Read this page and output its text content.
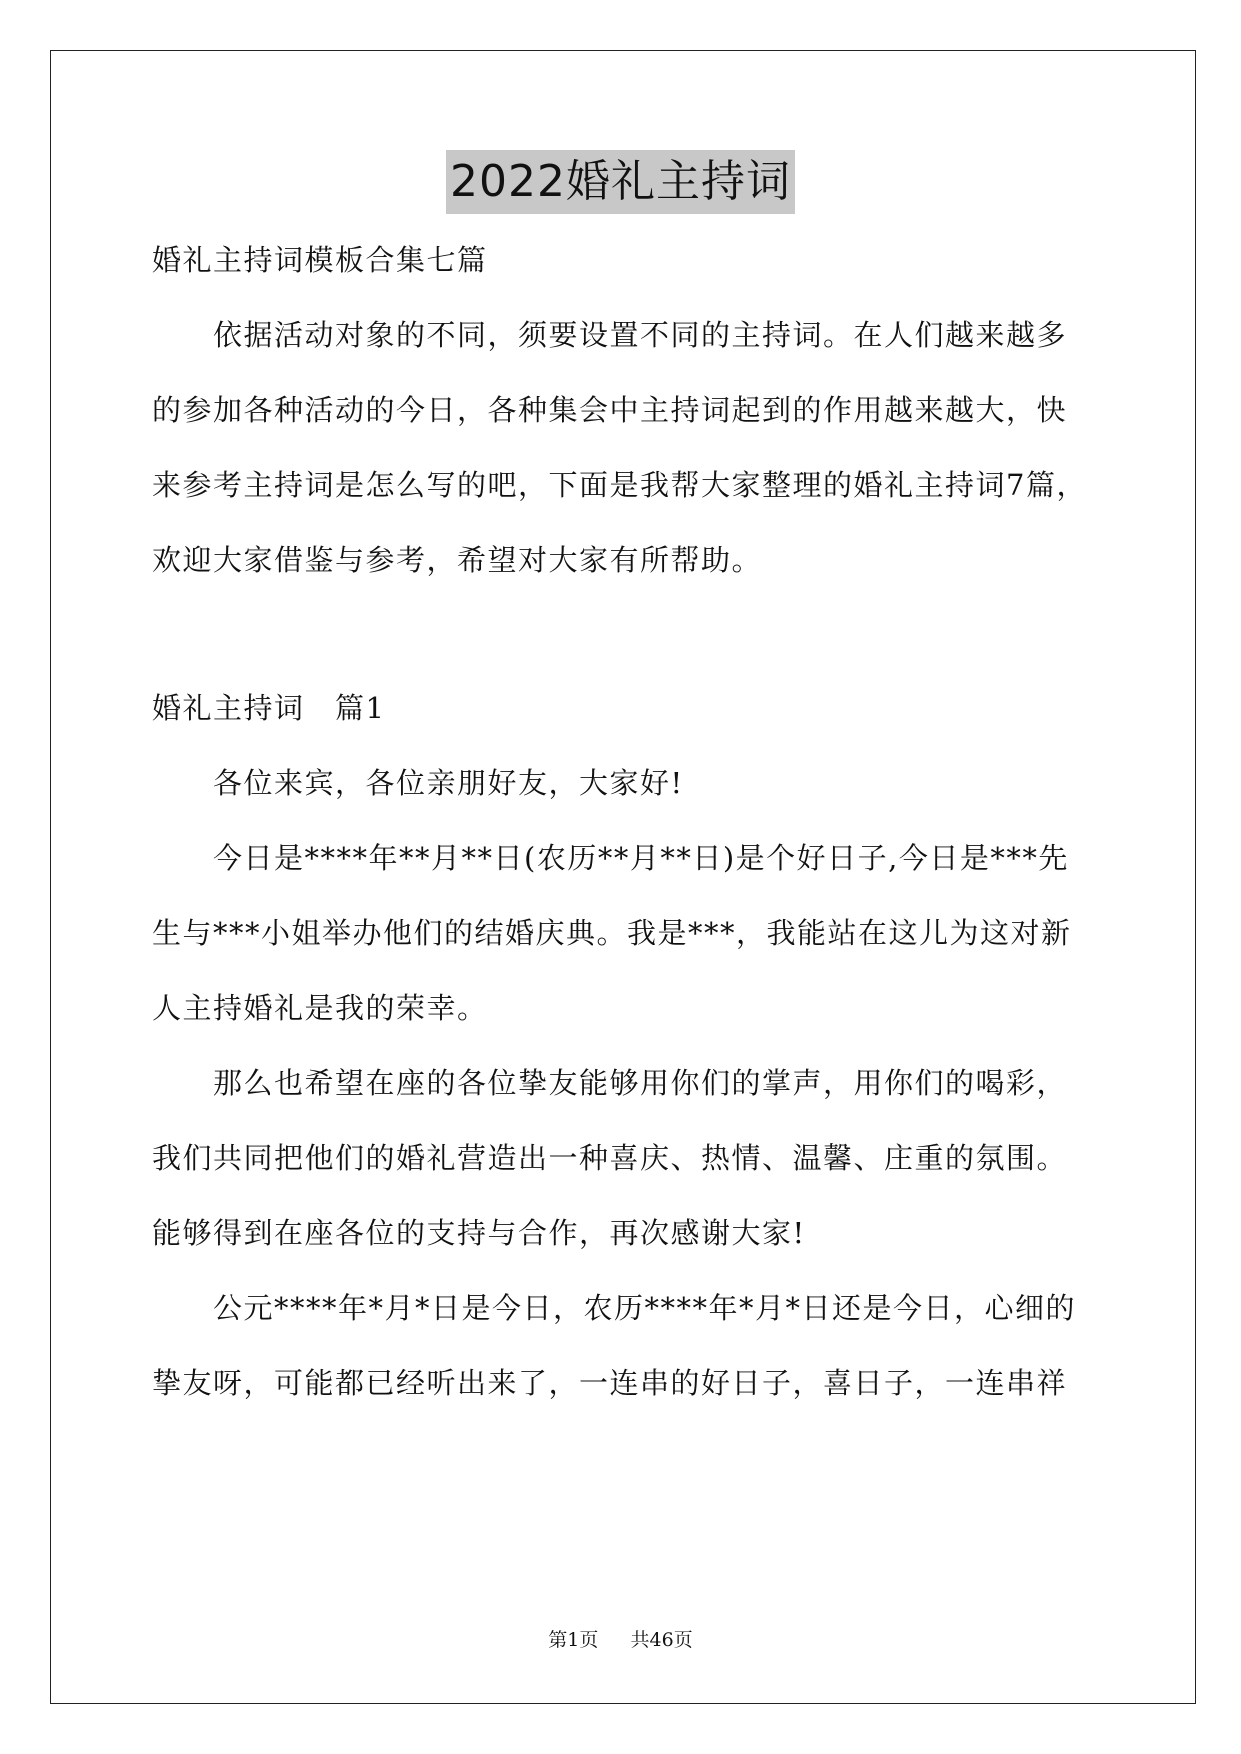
2022婚礼主持词
婚礼主持词模板合集七篇
　　依据活动对象的不同，须要设置不同的主持词。在人们越来越多
的参加各种活动的今日，各种集会中主持词起到的作用越来越大，快
来参考主持词是怎么写的吧，下面是我帮大家整理的婚礼主持词7篇，
欢迎大家借鉴与参考，希望对大家有所帮助。
婚礼主持词　篇1
　　各位来宾，各位亲朋好友，大家好!
　　今日是****年**月**日(农历**月**日)是个好日子,今日是***先
生与***小姐举办他们的结婚庆典。我是***，我能站在这儿为这对新
人主持婚礼是我的荣幸。
　　那么也希望在座的各位挚友能够用你们的掌声，用你们的喝彩，
我们共同把他们的婚礼营造出一种喜庆、热情、温馨、庄重的氛围。
能够得到在座各位的支持与合作，再次感谢大家!
　　公元****年*月*日是今日，农历****年*月*日还是今日，心细的
挚友呀，可能都已经听出来了，一连串的好日子，喜日子，一连串祥
第1页 共46页
